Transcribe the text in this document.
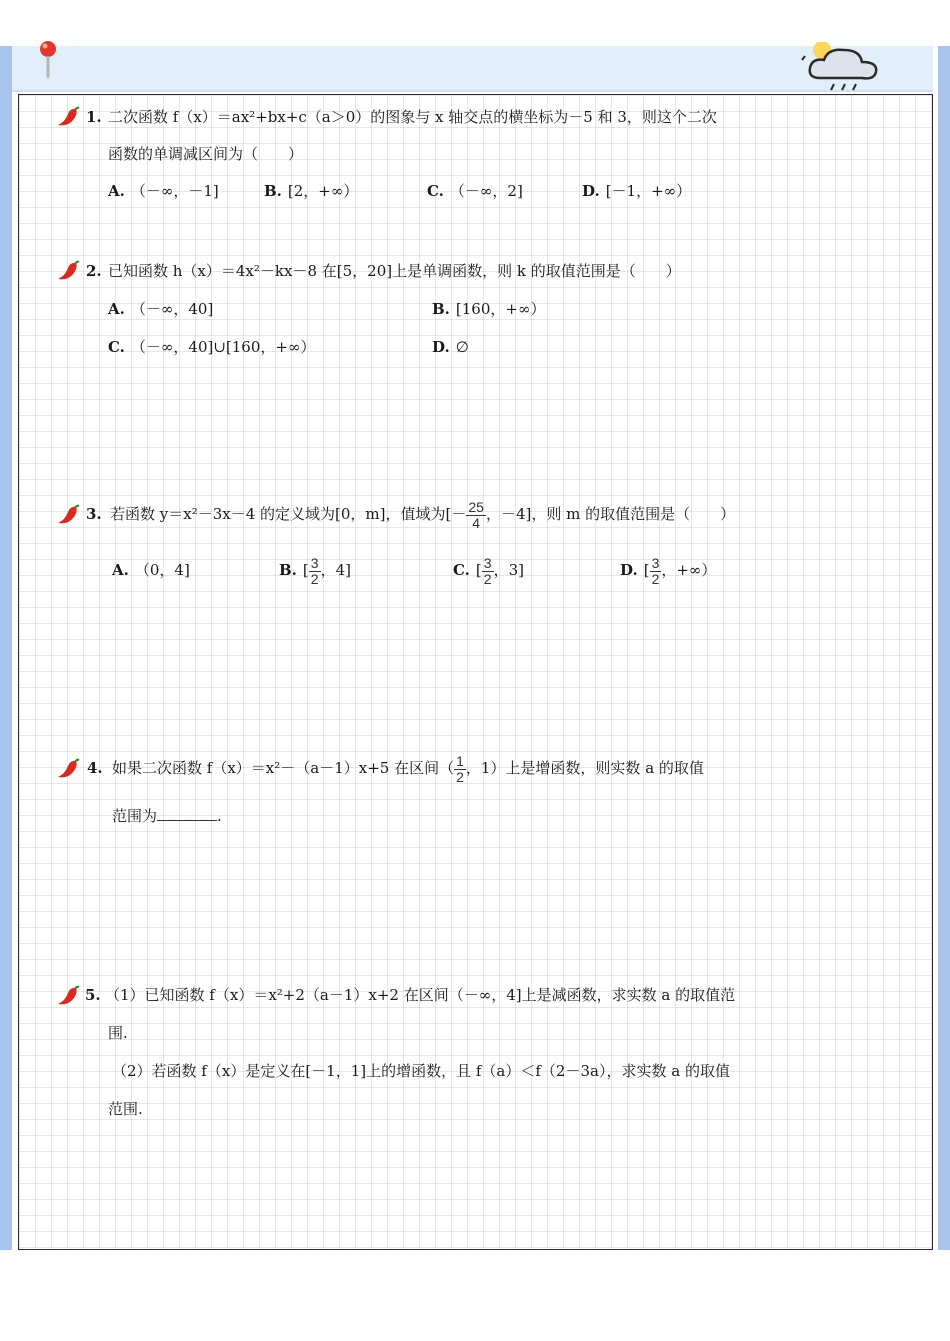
1. 二次函数 f（x）＝ax²+bx+c（a＞0）的图象与 x 轴交点的横坐标为－5 和 3，则这个二次
函数的单调减区间为（　　）
A. （－∞，－1]	B. [2，+∞）	C. （－∞，2]	D. [－1，+∞）
2. 已知函数 h（x）＝4x²－kx－8 在[5，20]上是单调函数，则 k 的取值范围是（　　）
A. （－∞，40]	B. [160，+∞）
C. （－∞，40]∪[160，+∞）	D. ∅
3. 若函数 y＝x²－3x－4 的定义域为[0，m]，值域为[－ $\frac{25}{4}$ ，－4]，则 m 的取值范围是（　　）
A. （0，4]	B. [ $\frac{3}{2}$ ，4]	C. [ $\frac{3}{2}$ ，3]	D. [ $\frac{3}{2}$ ，+∞）
4. 如果二次函数 f（x）＝x²－（a－1）x+5 在区间（ $\frac{1}{2}$ ，1）上是增函数，则实数 a 的取值
范围为	.
5. （1）已知函数 f（x）＝x²+2（a－1）x+2 在区间（－∞，4]上是减函数，求实数 a 的取值范
围.
（2）若函数 f（x）是定义在[－1，1]上的增函数，且 f（a）＜f（2－3a），求实数 a 的取值
范围.
